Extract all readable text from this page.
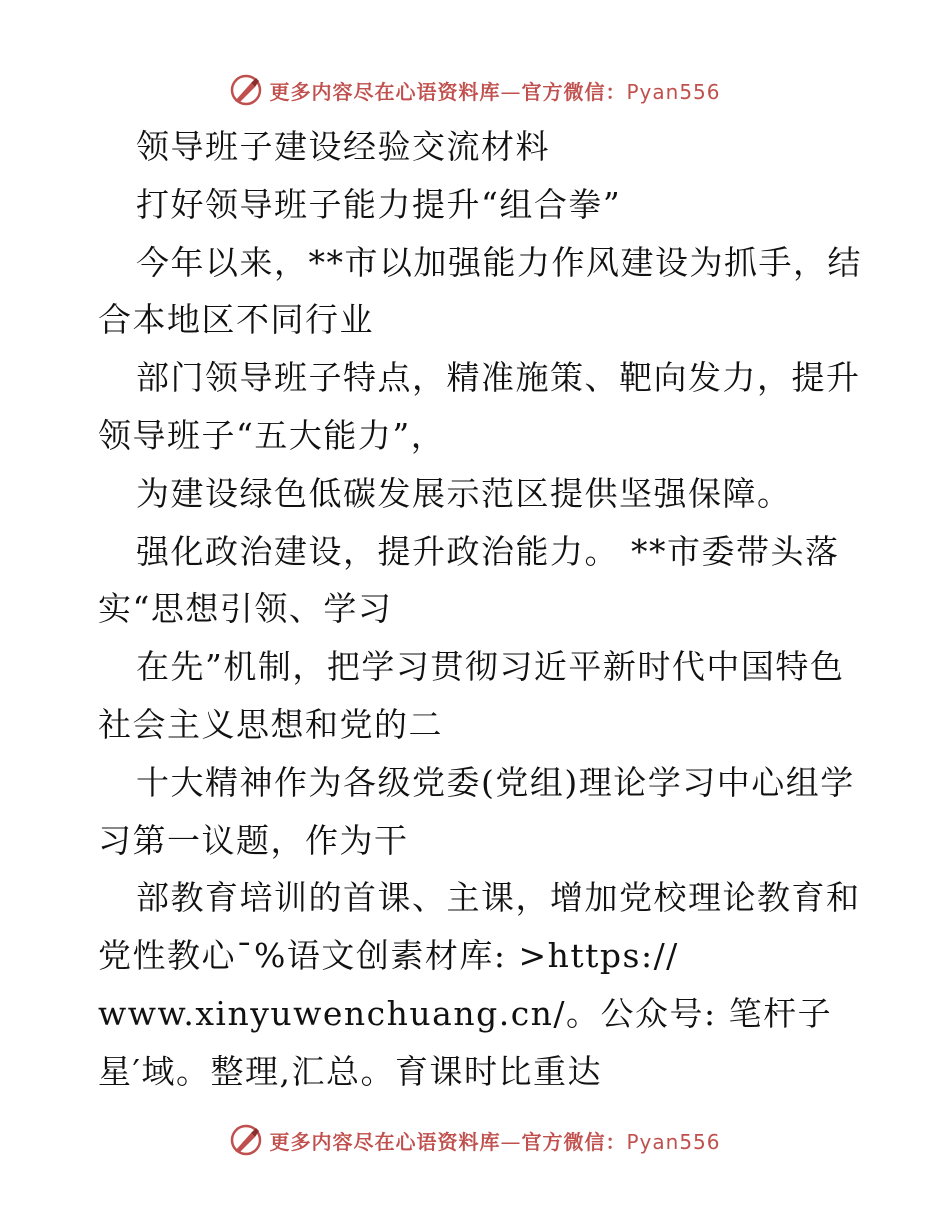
更多内容尽在心语资料库—官方微信：Pyan556
领导班子建设经验交流材料
打好领导班子能力提升“组合拳”
今年以来，**市以加强能力作风建设为抓手，结
合本地区不同行业
部门领导班子特点，精准施策、靶向发力，提升
领导班子“五大能力”，
为建设绿色低碳发展示范区提供坚强保障。
强化政治建设，提升政治能力。 **市委带头落
实“思想引领、学习
在先”机制，把学习贯彻习近平新时代中国特色
社会主义思想和党的二
十大精神作为各级党委(党组)理论学习中心组学
习第一议题，作为干
部教育培训的首课、主课，增加党校理论教育和
党性教心¯%语文创素材库: >https://
www.xinyuwenchuang.cn/。公众号: 笔杆子
星′域。整理,汇总。育课时比重达
更多内容尽在心语资料库—官方微信：Pyan556
